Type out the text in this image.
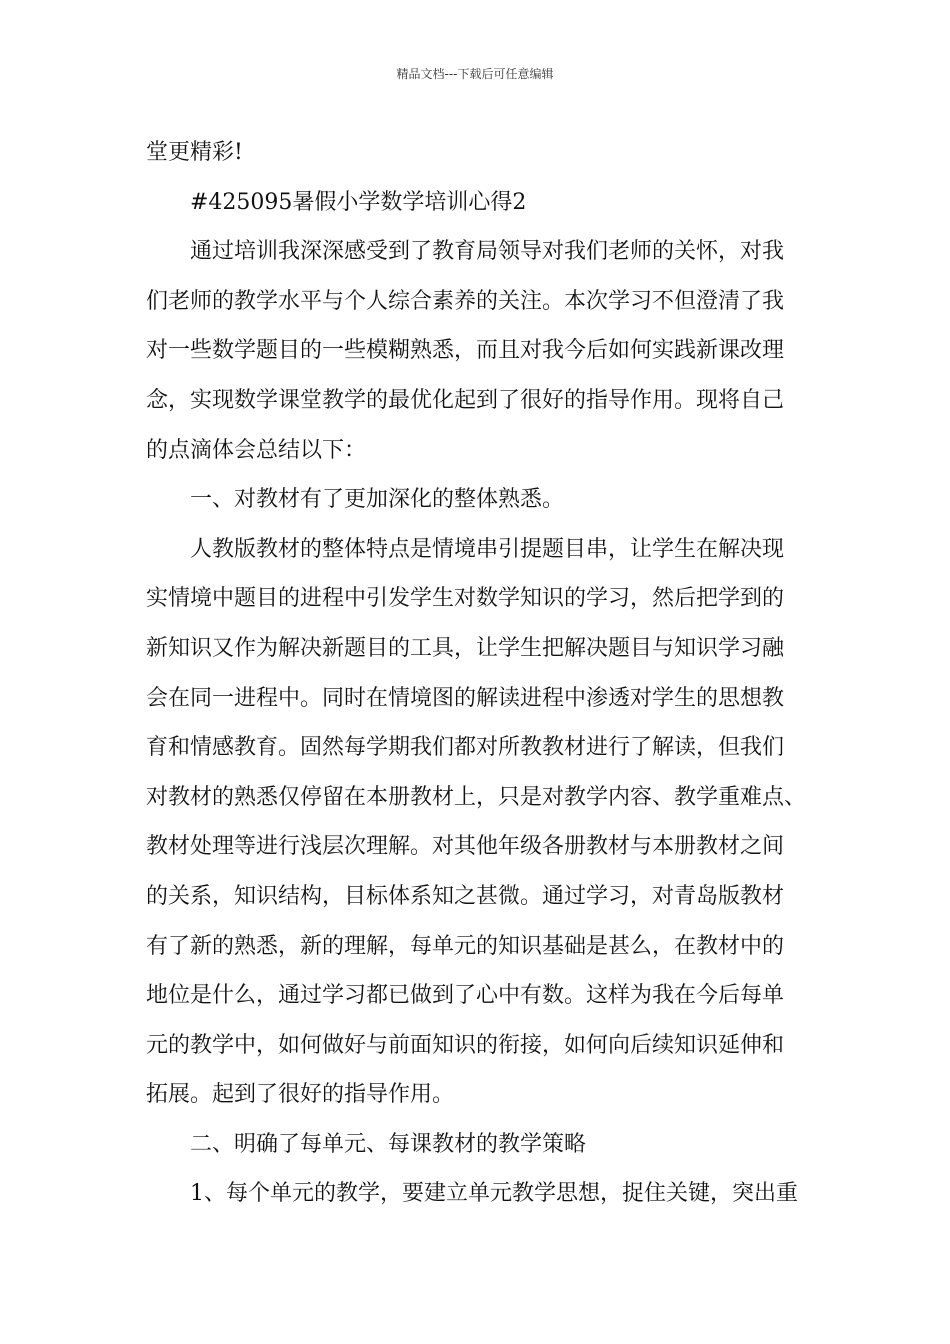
精品文档---下载后可任意编辑

堂更精彩!

#425095暑假小学数学培训心得2

通过培训我深深感受到了教育局领导对我们老师的关怀，对我

们老师的教学水平与个人综合素养的关注。本次学习不但澄清了我

对一些数学题目的一些模糊熟悉，而且对我今后如何实践新课改理

念，实现数学课堂教学的最优化起到了很好的指导作用。现将自己

的点滴体会总结以下：

一、对教材有了更加深化的整体熟悉。

人教版教材的整体特点是情境串引提题目串，让学生在解决现

实情境中题目的进程中引发学生对数学知识的学习，然后把学到的

新知识又作为解决新题目的工具，让学生把解决题目与知识学习融

会在同一进程中。同时在情境图的解读进程中渗透对学生的思想教

育和情感教育。固然每学期我们都对所教教材进行了解读，但我们

对教材的熟悉仅停留在本册教材上，只是对教学内容、教学重难点、

教材处理等进行浅层次理解。对其他年级各册教材与本册教材之间

的关系，知识结构，目标体系知之甚微。通过学习，对青岛版教材

有了新的熟悉，新的理解，每单元的知识基础是甚么，在教材中的

地位是什么，通过学习都已做到了心中有数。这样为我在今后每单

元的教学中，如何做好与前面知识的衔接，如何向后续知识延伸和

拓展。起到了很好的指导作用。

二、明确了每单元、每课教材的教学策略

1、每个单元的教学，要建立单元教学思想，捉住关键，突出重
